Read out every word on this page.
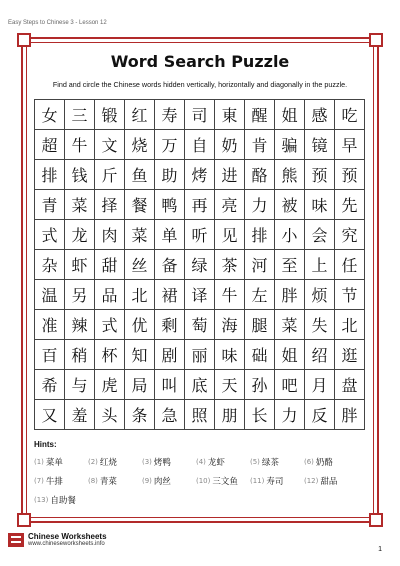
Easy Steps to Chinese 3 - Lesson 12
Word Search Puzzle
Find and circle the Chinese words hidden vertically, horizontally and diagonally in the puzzle.
女 三 锻 红 寿 司 東 醒 姐 感 吃
超 牛 文 烧 万 自 奶 肯 骗 镜 早
排 钱 斤 鱼 助 烤 进 酪 熊 预 预
青 菜 择 餐 鸭 再 亮 力 被 味 先
式 龙 肉 菜 单 听 见 排 小 会 究
杂 虾 甜 丝 备 绿 茶 河 至 上 任
温 另 品 北 裙 译 牛 左 胖 烦 节
准 辣 式 优 剩 萄 海 腿 菜 失 北
百 稍 杯 知 剧 丽 味 础 姐 绍 逛
希 与 虎 局 叫 底 天 孙 吧 月 盘
又 羞 头 条 急 照 朋 长 力 反 胖
Hints:
(1) 菜单	(2) 红烧	(3) 烤鸭	(4) 龙虾	(5) 绿茶	(6) 奶酪
(7) 牛排	(8) 青菜	(9) 肉丝	(10) 三文鱼 (11) 寿司	(12) 甜品
(13) 自助餐
Chinese Worksheets
www.chineseworksheets.info
1
